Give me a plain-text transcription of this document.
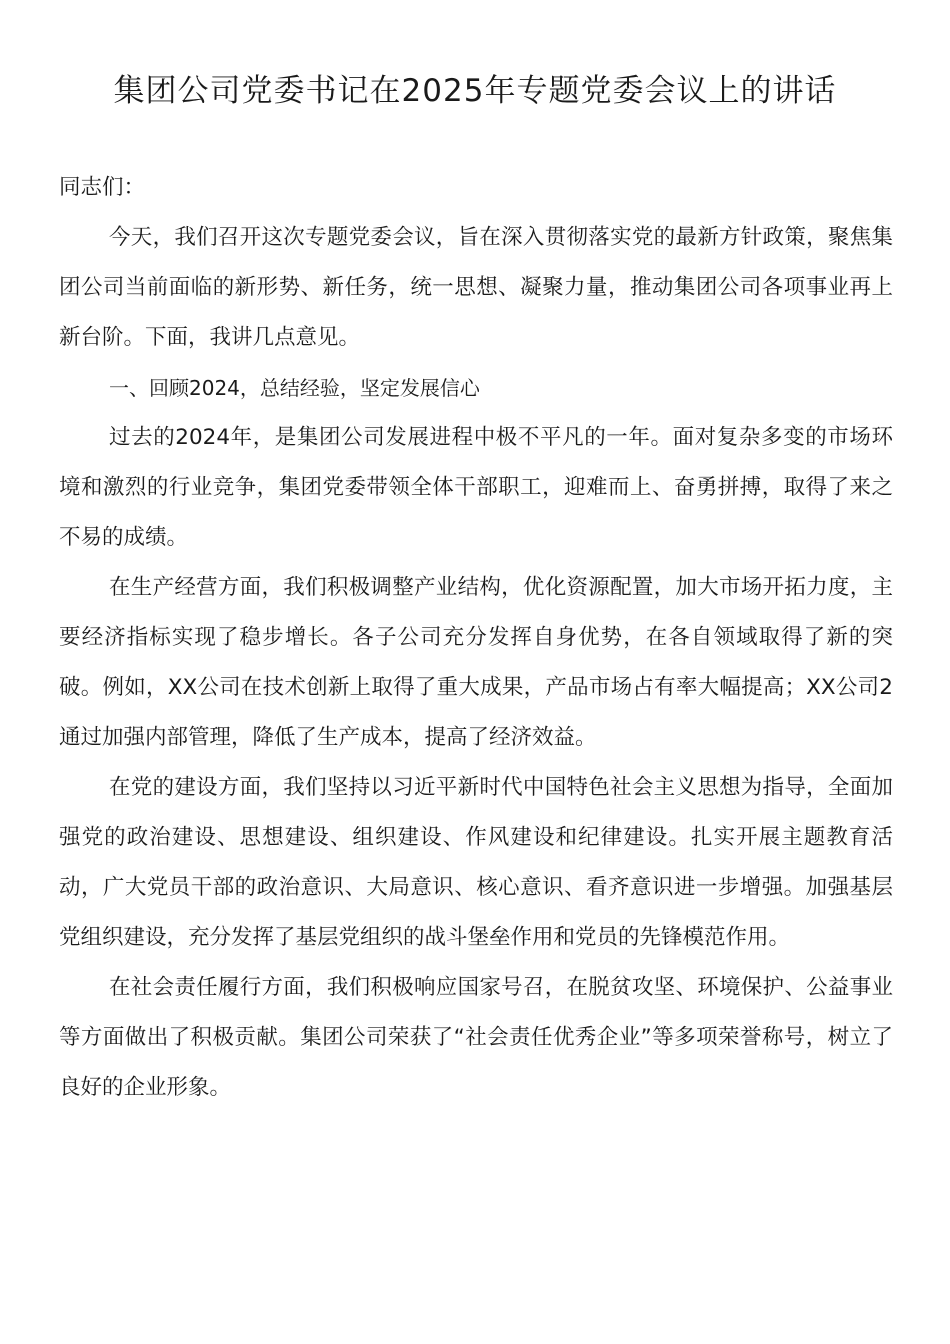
集团公司党委书记在2025年专题党委会议上的讲话

同志们：

今天，我们召开这次专题党委会议，旨在深入贯彻落实党的最新方针政策，聚焦集团公司当前面临的新形势、新任务，统一思想、凝聚力量，推动集团公司各项事业再上新台阶。下面，我讲几点意见。

一、回顾2024，总结经验，坚定发展信心

过去的2024年，是集团公司发展进程中极不平凡的一年。面对复杂多变的市场环境和激烈的行业竞争，集团党委带领全体干部职工，迎难而上、奋勇拼搏，取得了来之不易的成绩。

在生产经营方面，我们积极调整产业结构，优化资源配置，加大市场开拓力度，主要经济指标实现了稳步增长。各子公司充分发挥自身优势，在各自领域取得了新的突破。例如，XX公司在技术创新上取得了重大成果，产品市场占有率大幅提高；XX公司2通过加强内部管理，降低了生产成本，提高了经济效益。

在党的建设方面，我们坚持以习近平新时代中国特色社会主义思想为指导，全面加强党的政治建设、思想建设、组织建设、作风建设和纪律建设。扎实开展主题教育活动，广大党员干部的政治意识、大局意识、核心意识、看齐意识进一步增强。加强基层党组织建设，充分发挥了基层党组织的战斗堡垒作用和党员的先锋模范作用。

在社会责任履行方面，我们积极响应国家号召，在脱贫攻坚、环境保护、公益事业等方面做出了积极贡献。集团公司荣获了“社会责任优秀企业”等多项荣誉称号，树立了良好的企业形象。
